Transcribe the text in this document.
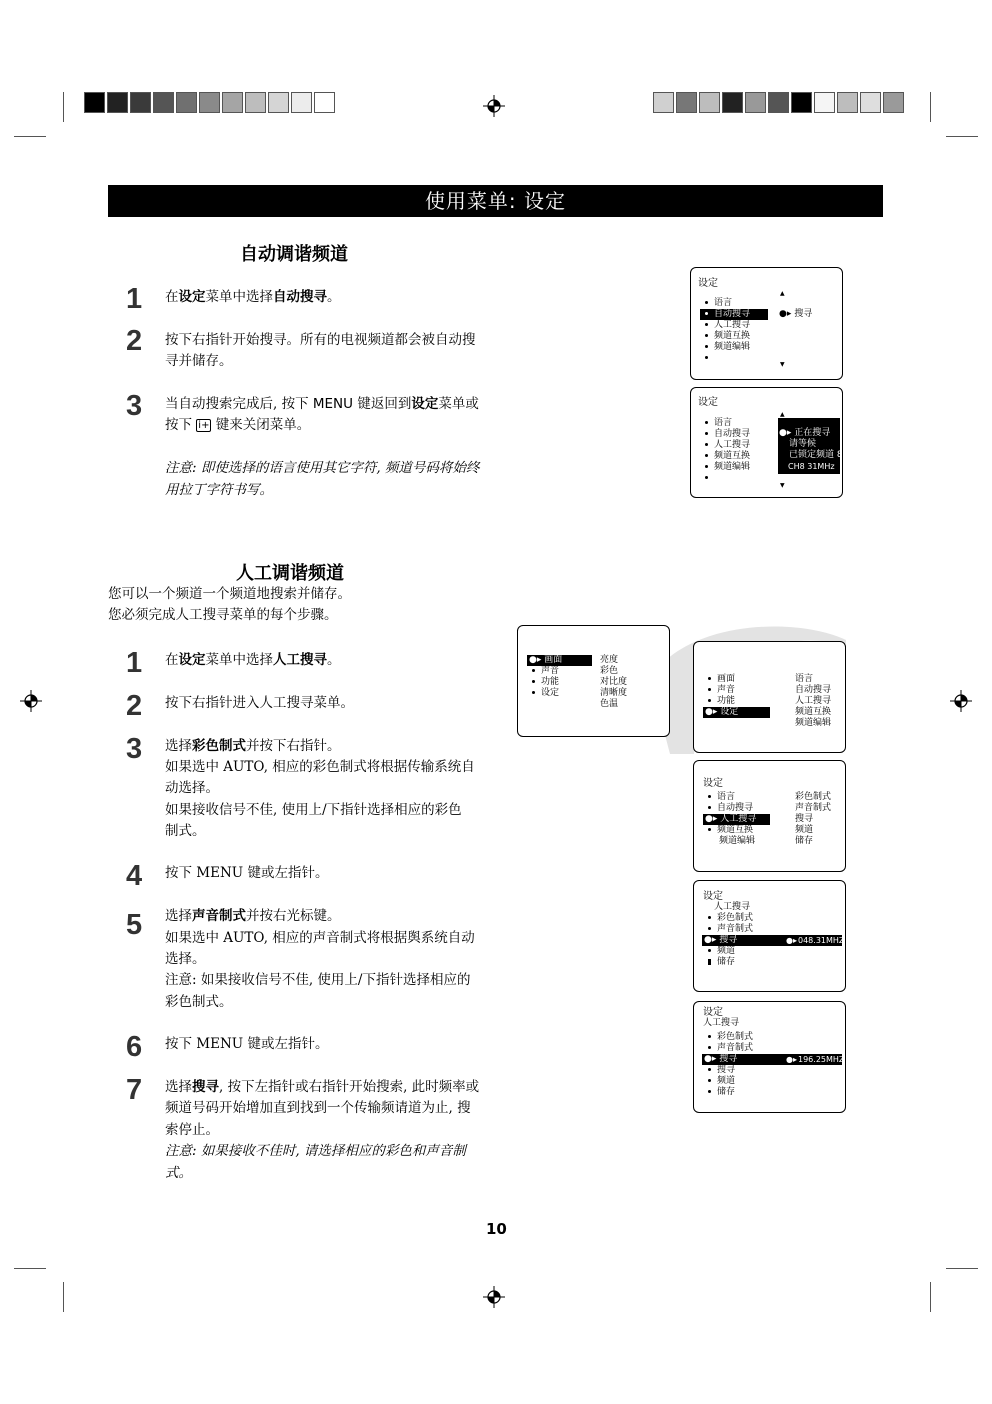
使用菜单: 设定
自动调谐频道
1 在设定菜单中选择自动搜寻。
2 按下右指针开始搜寻。所有的电视频道都会被自动搜
寻并储存。
3 当自动搜索完成后, 按下 MENU 键返回到设定菜单或
按下 i+ 键来关闭菜单。
注意: 即使选择的语言使用其它字符, 频道号码将始终
用拉丁字符书写。
人工调谐频道
您可以一个频道一个频道地搜索并储存。
您必须完成人工搜寻菜单的每个步骤。
1 在设定菜单中选择人工搜寻。
2 按下右指针进入人工搜寻菜单。
3 选择彩色制式并按下右指针。
如果选中 AUTO, 相应的彩色制式将根据传输系统自
动选择。
如果接收信号不佳, 使用上/下指针选择相应的彩色
制式。
4 按下 MENU 键或左指针。
5 选择声音制式并按右光标键。
如果选中 AUTO, 相应的声音制式将根据舆系统自动
选择。
注意: 如果接收信号不佳, 使用上/下指针选择相应的
彩色制式。
6 按下 MENU 键或左指针。
7 选择搜寻, 按下左指针或右指针开始搜索, 此时频率或
频道号码开始增加直到找到一个传输频请道为止, 搜
索停止。
注意: 如果接收不佳时, 请选择相应的彩色和声音制
式。
设定
▲
语言
自动搜寻	●▸ 搜寻
人工搜寻
频道互换
频道编辑
▼
设定
▲
语言
自动搜寻
人工搜寻
频道互换
频道编辑
●▸ 正在搜寻
请等候
已锁定频道 8
CH8 31MHz
▼
●▸ 画面
声音
功能
设定
亮度
彩色
对比度
清晰度
色温
画面
声音
功能
●▸ 设定
语言
自动搜寻
人工搜寻
频道互换
频道编辑
设定
语言
自动搜寻
●▸ 人工搜寻
频道互换
频道编辑
彩色制式
声音制式
搜寻
频道
储存
设定
人工搜寻
彩色制式
声音制式
●▸ 搜寻	●▸ 048.31MHZ
频道
储存
设定
人工搜寻
彩色制式
声音制式
●▸ 搜寻	●▸ 196.25MHZ
搜寻
频道
储存
10
